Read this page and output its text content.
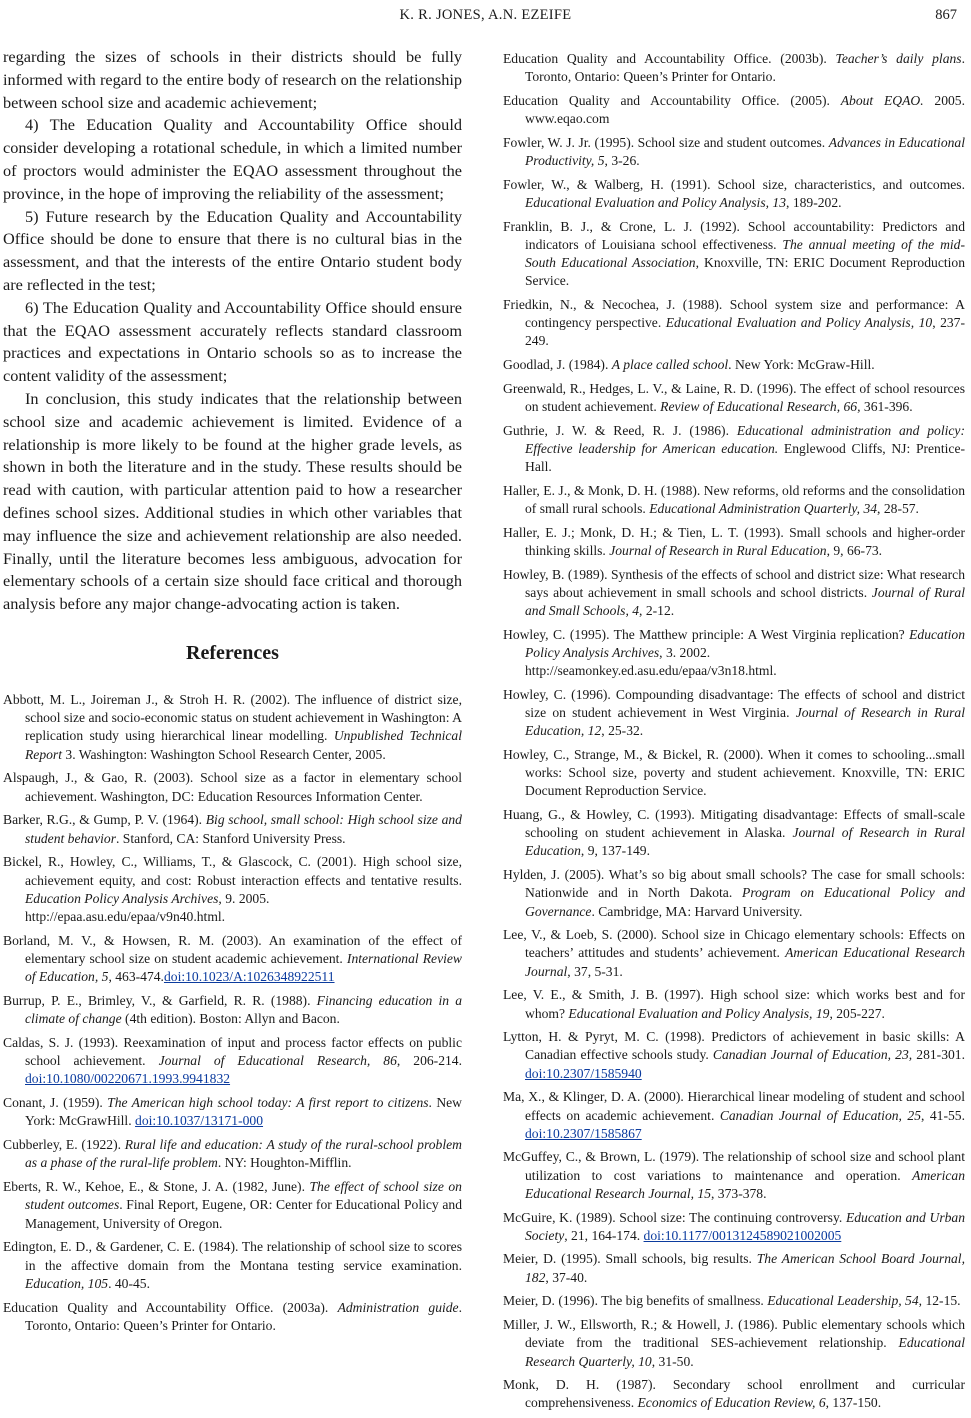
K. R. JONES, A.N. EZEIFE	867

regarding the sizes of schools in their districts should be fully informed with regard to the entire body of research on the relationship between school size and academic achievement;

4) The Education Quality and Accountability Office should consider developing a rotational schedule, in which a limited number of proctors would administer the EQAO assessment throughout the province, in the hope of improving the reliability of the assessment;

5) Future research by the Education Quality and Accountability Office should be done to ensure that there is no cultural bias in the assessment, and that the interests of the entire Ontario student body are reflected in the test;

6) The Education Quality and Accountability Office should ensure that the EQAO assessment accurately reflects standard classroom practices and expectations in Ontario schools so as to increase the content validity of the assessment;

In conclusion, this study indicates that the relationship between school size and academic achievement is limited. Evidence of a relationship is more likely to be found at the higher grade levels, as shown in both the literature and in the study. These results should be read with caution, with particular attention paid to how a researcher defines school sizes. Additional studies in which other variables that may influence the size and achievement relationship are also needed. Finally, until the literature becomes less ambiguous, advocation for elementary schools of a certain size should face critical and thorough analysis before any major change-advocating action is taken.

References
Abbott, M. L., Joireman J., & Stroh H. R. (2002). The influence of district size, school size and socio-economic status on student achievement in Washington: A replication study using hierarchical linear modelling. Unpublished Technical Report 3. Washington: Washington School Research Center, 2005.
Alspaugh, J., & Gao, R. (2003). School size as a factor in elementary school achievement. Washington, DC: Education Resources Information Center.
Barker, R.G., & Gump, P. V. (1964). Big school, small school: High school size and student behavior. Stanford, CA: Stanford University Press.
Bickel, R., Howley, C., Williams, T., & Glascock, C. (2001). High school size, achievement equity, and cost: Robust interaction effects and tentative results. Education Policy Analysis Archives, 9. 2005.
http://epaa.asu.edu/epaa/v9n40.html.
Borland, M. V., & Howsen, R. M. (2003). An examination of the effect of elementary school size on student academic achievement. International Review of Education, 5, 463-474.doi:10.1023/A:1026348922511
Burrup, P. E., Brimley, V., & Garfield, R. R. (1988). Financing education in a climate of change (4th edition). Boston: Allyn and Bacon.
Caldas, S. J. (1993). Reexamination of input and process factor effects on public school achievement. Journal of Educational Research, 86, 206-214. doi:10.1080/00220671.1993.9941832
Conant, J. (1959). The American high school today: A first report to citizens. New York: McGrawHill. doi:10.1037/13171-000
Cubberley, E. (1922). Rural life and education: A study of the rural-school problem as a phase of the rural-life problem. NY: Houghton-Mifflin.
Eberts, R. W., Kehoe, E., & Stone, J. A. (1982, June). The effect of school size on student outcomes. Final Report, Eugene, OR: Center for Educational Policy and Management, University of Oregon.
Edington, E. D., & Gardener, C. E. (1984). The relationship of school size to scores in the affective domain from the Montana testing service examination. Education, 105. 40-45.
Education Quality and Accountability Office. (2003a). Administration guide. Toronto, Ontario: Queen’s Printer for Ontario.
Education Quality and Accountability Office. (2003b). Teacher’s daily plans. Toronto, Ontario: Queen’s Printer for Ontario.
Education Quality and Accountability Office. (2005). About EQAO. 2005. www.eqao.com
Fowler, W. J. Jr. (1995). School size and student outcomes. Advances in Educational Productivity, 5, 3-26.
Fowler, W., & Walberg, H. (1991). School size, characteristics, and outcomes. Educational Evaluation and Policy Analysis, 13, 189-202.
Franklin, B. J., & Crone, L. J. (1992). School accountability: Predictors and indicators of Louisiana school effectiveness. The annual meeting of the mid-South Educational Association, Knoxville, TN: ERIC Document Reproduction Service.
Friedkin, N., & Necochea, J. (1988). School system size and performance: A contingency perspective. Educational Evaluation and Policy Analysis, 10, 237-249.
Goodlad, J. (1984). A place called school. New York: McGraw-Hill.
Greenwald, R., Hedges, L. V., & Laine, R. D. (1996). The effect of school resources on student achievement. Review of Educational Research, 66, 361-396.
Guthrie, J. W. & Reed, R. J. (1986). Educational administration and policy: Effective leadership for American education. Englewood Cliffs, NJ: Prentice-Hall.
Haller, E. J., & Monk, D. H. (1988). New reforms, old reforms and the consolidation of small rural schools. Educational Administration Quarterly, 34, 28-57.
Haller, E. J.; Monk, D. H.; & Tien, L. T. (1993). Small schools and higher-order thinking skills. Journal of Research in Rural Education, 9, 66-73.
Howley, B. (1989). Synthesis of the effects of school and district size: What research says about achievement in small schools and school districts. Journal of Rural and Small Schools, 4, 2-12.
Howley, C. (1995). The Matthew principle: A West Virginia replication? Education Policy Analysis Archives, 3. 2002.
http://seamonkey.ed.asu.edu/epaa/v3n18.html.
Howley, C. (1996). Compounding disadvantage: The effects of school and district size on student achievement in West Virginia. Journal of Research in Rural Education, 12, 25-32.
Howley, C., Strange, M., & Bickel, R. (2000). When it comes to schooling...small works: School size, poverty and student achievement. Knoxville, TN: ERIC Document Reproduction Service.
Huang, G., & Howley, C. (1993). Mitigating disadvantage: Effects of small-scale schooling on student achievement in Alaska. Journal of Research in Rural Education, 9, 137-149.
Hylden, J. (2005). What’s so big about small schools? The case for small schools: Nationwide and in North Dakota. Program on Educational Policy and Governance. Cambridge, MA: Harvard University.
Lee, V., & Loeb, S. (2000). School size in Chicago elementary schools: Effects on teachers’ attitudes and students’ achievement. American Educational Research Journal, 37, 5-31.
Lee, V. E., & Smith, J. B. (1997). High school size: which works best and for whom? Educational Evaluation and Policy Analysis, 19, 205-227.
Lytton, H. & Pyryt, M. C. (1998). Predictors of achievement in basic skills: A Canadian effective schools study. Canadian Journal of Education, 23, 281-301. doi:10.2307/1585940
Ma, X., & Klinger, D. A. (2000). Hierarchical linear modeling of student and school effects on academic achievement. Canadian Journal of Education, 25, 41-55. doi:10.2307/1585867
McGuffey, C., & Brown, L. (1979). The relationship of school size and school plant utilization to cost variations to maintenance and operation. American Educational Research Journal, 15, 373-378.
McGuire, K. (1989). School size: The continuing controversy. Education and Urban Society, 21, 164-174. doi:10.1177/0013124589021002005
Meier, D. (1995). Small schools, big results. The American School Board Journal, 182, 37-40.
Meier, D. (1996). The big benefits of smallness. Educational Leadership, 54, 12-15.
Miller, J. W., Ellsworth, R.; & Howell, J. (1986). Public elementary schools which deviate from the traditional SES-achievement relationship. Educational Research Quarterly, 10, 31-50.
Monk, D. H. (1987). Secondary school enrollment and curricular comprehensiveness. Economics of Education Review, 6, 137-150.
